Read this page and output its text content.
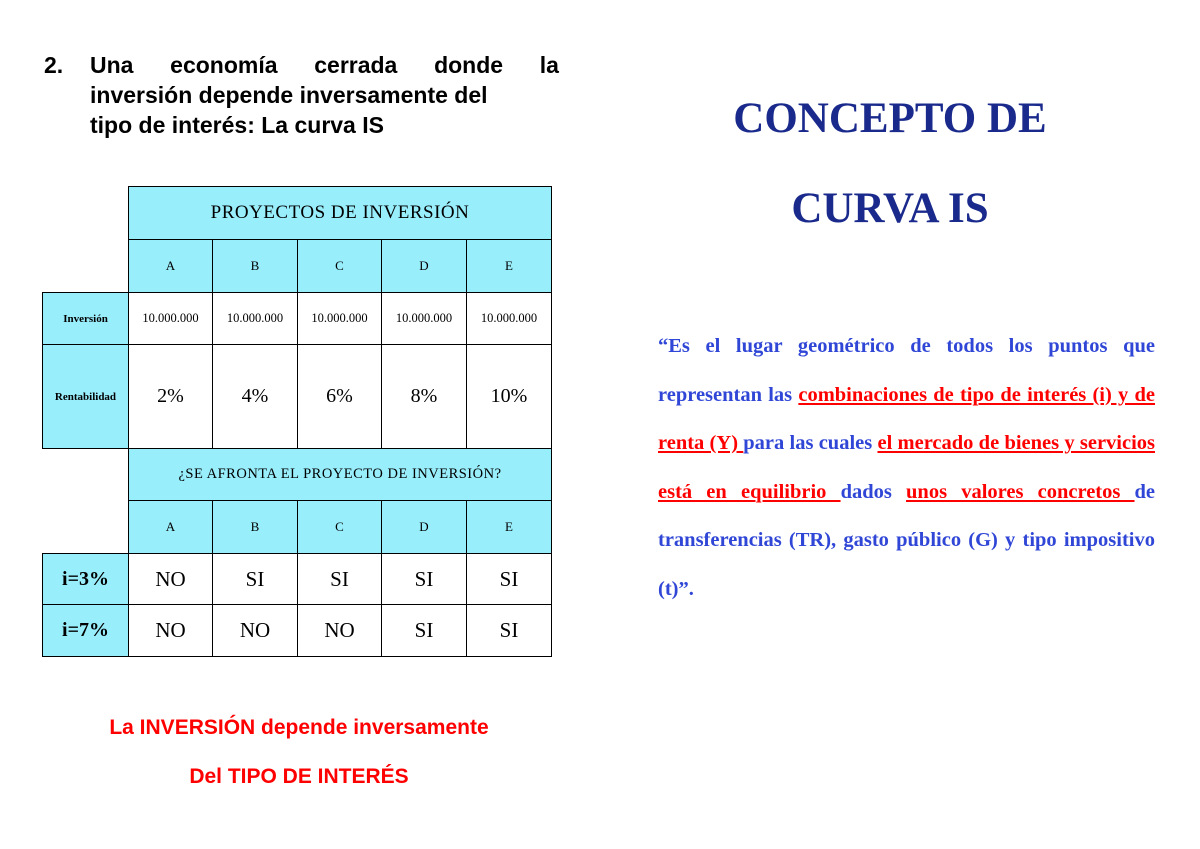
2. Una economía cerrada donde la
inversión depende inversamente del
tipo de interés: La curva IS
	PROYECTOS DE INVERSIÓN				
	A	B	C	D	E
Inversión	10.000.000	10.000.000	10.000.000	10.000.000	10.000.000
Rentabilidad	2%	4%	6%	8%	10%
	¿SE AFRONTA EL PROYECTO DE INVERSIÓN?				
	A	B	C	D	E
i=3%	NO	SI	SI	SI	SI
i=7%	NO	NO	NO	SI	SI
La INVERSIÓN depende inversamente
Del TIPO DE INTERÉS
CONCEPTO DE
CURVA IS
“Es el lugar geométrico de todos los puntos que representan las combinaciones de tipo de interés (i) y de renta (Y) para las cuales el mercado de bienes y servicios está en equilibrio dados unos valores concretos de transferencias (TR), gasto público (G) y tipo impositivo (t)”.
